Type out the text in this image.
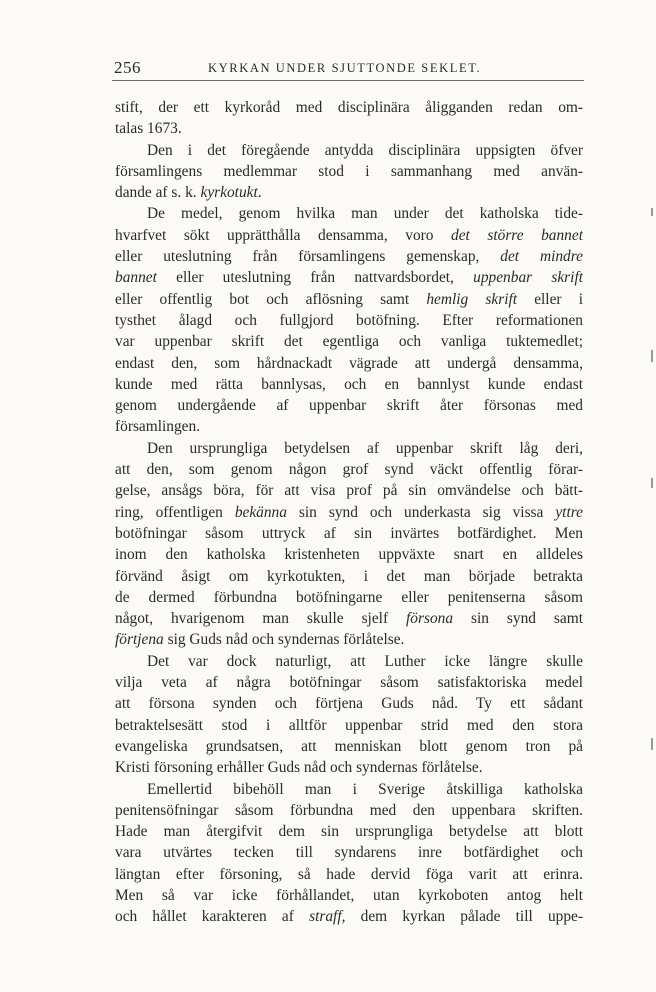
256	KYRKAN UNDER SJUTTONDE SEKLET.
stift, der ett kyrkoråd med disciplinära åligganden redan om-
talas 1673.
Den i det föregående antydda disciplinära uppsigten öfver
församlingens medlemmar stod i sammanhang med använ-
dande af s. k. kyrkotukt.
De medel, genom hvilka man under det katholska tide-
hvarfvet sökt upprätthålla densamma, voro det större bannet
eller uteslutning från församlingens gemenskap, det mindre
bannet eller uteslutning från nattvardsbordet, uppenbar skrift
eller offentlig bot och aflösning samt hemlig skrift eller i
tysthet ålagd och fullgjord botöfning. Efter reformationen
var uppenbar skrift det egentliga och vanliga tuktemedlet;
endast den, som hårdnackadt vägrade att undergå densamma,
kunde med rätta bannlysas, och en bannlyst kunde endast
genom undergående af uppenbar skrift åter försonas med
församlingen.
Den ursprungliga betydelsen af uppenbar skrift låg deri,
att den, som genom någon grof synd väckt offentlig förar-
gelse, ansågs böra, för att visa prof på sin omvändelse och bätt-
ring, offentligen bekänna sin synd och underkasta sig vissa yttre
botöfningar såsom uttryck af sin invärtes botfärdighet. Men
inom den katholska kristenheten uppväxte snart en alldeles
förvänd åsigt om kyrkotukten, i det man började betrakta
de dermed förbundna botöfningarne eller penitenserna såsom
något, hvarigenom man skulle sjelf försona sin synd samt
förtjena sig Guds nåd och syndernas förlåtelse.
Det var dock naturligt, att Luther icke längre skulle
vilja veta af några botöfningar såsom satisfaktoriska medel
att försona synden och förtjena Guds nåd. Ty ett sådant
betraktelsesätt stod i alltför uppenbar strid med den stora
evangeliska grundsatsen, att menniskan blott genom tron på
Kristi försoning erhåller Guds nåd och syndernas förlåtelse.
Emellertid bibehöll man i Sverige åtskilliga katholska
penitensöfningar såsom förbundna med den uppenbara skriften.
Hade man återgifvit dem sin ursprungliga betydelse att blott
vara utvärtes tecken till syndarens inre botfärdighet och
längtan efter försoning, så hade dervid föga varit att erinra.
Men så var icke förhållandet, utan kyrkoboten antog helt
och hållet karakteren af straff, dem kyrkan pålade till uppe-
